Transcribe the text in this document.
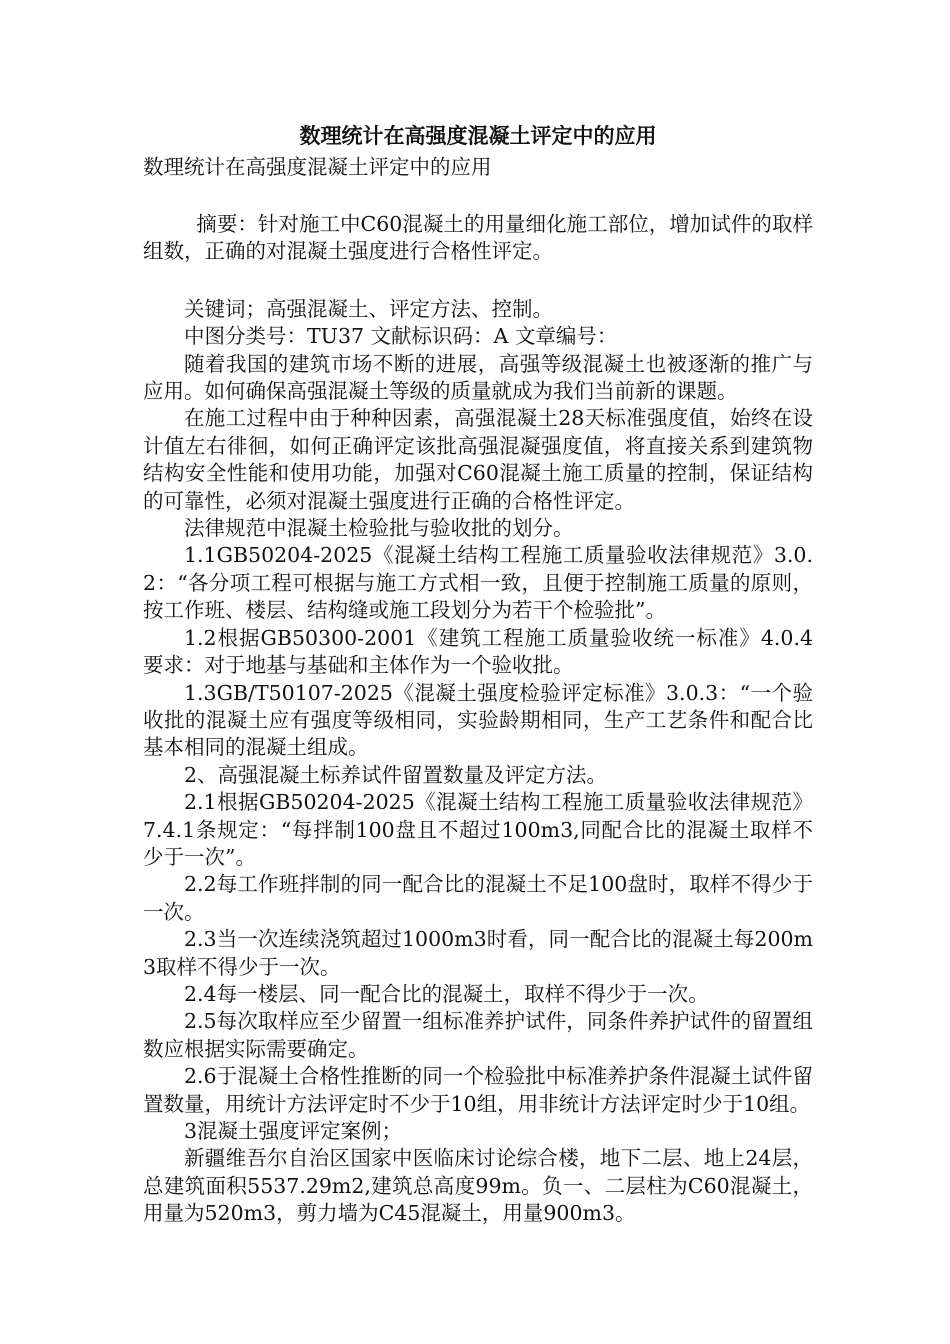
数理统计在高强度混凝土评定中的应用
数理统计在高强度混凝土评定中的应用

摘要：针对施工中C60混凝土的用量细化施工部位，增加试件的取样组数，正确的对混凝土强度进行合格性评定。

关键词；高强混凝土、评定方法、控制。

中图分类号：TU37 文献标识码：A 文章编号：

随着我国的建筑市场不断的进展，高强等级混凝土也被逐渐的推广与应用。如何确保高强混凝土等级的质量就成为我们当前新的课题。

在施工过程中由于种种因素，高强混凝土28天标准强度值，始终在设计值左右徘徊，如何正确评定该批高强混凝强度值，将直接关系到建筑物结构安全性能和使用功能，加强对C60混凝土施工质量的控制，保证结构的可靠性，必须对混凝土强度进行正确的合格性评定。

法律规范中混凝土检验批与验收批的划分。

1.1GB50204-2025《混凝土结构工程施工质量验收法律规范》3.0.2：“各分项工程可根据与施工方式相一致，且便于控制施工质量的原则，按工作班、楼层、结构缝或施工段划分为若干个检验批”。

1.2根据GB50300-2001《建筑工程施工质量验收统一标准》4.0.4要求：对于地基与基础和主体作为一个验收批。

1.3GB/T50107-2025《混凝土强度检验评定标准》3.0.3：“一个验收批的混凝土应有强度等级相同，实验龄期相同，生产工艺条件和配合比基本相同的混凝土组成。

2、高强混凝土标养试件留置数量及评定方法。

2.1根据GB50204-2025《混凝土结构工程施工质量验收法律规范》7.4.1条规定：“每拌制100盘且不超过100m3,同配合比的混凝土取样不少于一次”。

2.2每工作班拌制的同一配合比的混凝土不足100盘时，取样不得少于一次。

2.3当一次连续浇筑超过1000m3时看，同一配合比的混凝土每200m3取样不得少于一次。

2.4每一楼层、同一配合比的混凝土，取样不得少于一次。

2.5每次取样应至少留置一组标准养护试件，同条件养护试件的留置组数应根据实际需要确定。

2.6于混凝土合格性推断的同一个检验批中标准养护条件混凝土试件留置数量，用统计方法评定时不少于10组，用非统计方法评定时少于10组。

3混凝土强度评定案例；

新疆维吾尔自治区国家中医临床讨论综合楼，地下二层、地上24层，总建筑面积5537.29m2,建筑总高度99m。负一、二层柱为C60混凝土，用量为520m3，剪力墙为C45混凝土，用量900m3。
